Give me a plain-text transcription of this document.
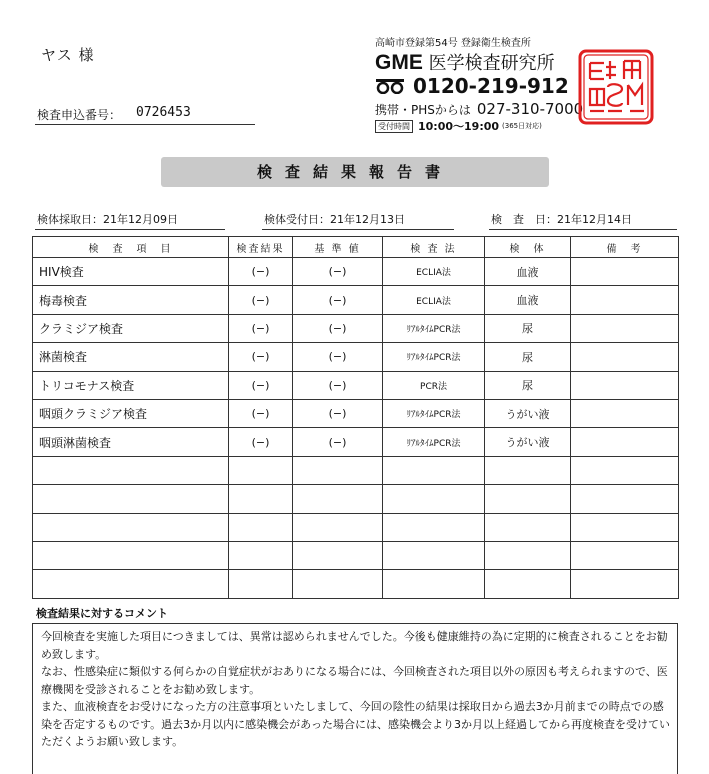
ヤス 様
検査申込番号： 0726453
高崎市登録第54号 登録衛生検査所
GME 医学検査研究所
0120-219-912
携帯・PHSからは 027-310-7000
受付時間 10:00〜19:00 (365日対応)
検査結果報告書
検体採取日：21年12月09日	検体受付日：21年12月13日	検　査　日：21年12月14日
検　査　項　目	検査結果	基 準 値	検 査 法	検　体	備　考
HIV検査	(−)	(−)	ECLIA法	血液	
梅毒検査	(−)	(−)	ECLIA法	血液	
クラミジア検査	(−)	(−)	ﾘｱﾙﾀｲﾑPCR法	尿	
淋菌検査	(−)	(−)	ﾘｱﾙﾀｲﾑPCR法	尿	
トリコモナス検査	(−)	(−)	PCR法	尿	
咽頭クラミジア検査	(−)	(−)	ﾘｱﾙﾀｲﾑPCR法	うがい液	
咽頭淋菌検査	(−)	(−)	ﾘｱﾙﾀｲﾑPCR法	うがい液	

検査結果に対するコメント

今回検査を実施した項目につきましては、異常は認められませんでした。今後も健康維持の為に定期的に検査されることをお勧め致します。

なお、性感染症に類似する何らかの自覚症状がおありになる場合には、今回検査された項目以外の原因も考えられますので、医療機関を受診されることをお勧め致します。

また、血液検査をお受けになった方の注意事項といたしまして、今回の陰性の結果は採取日から過去3か月前までの時点での感染を否定するものです。過去3か月以内に感染機会があった場合には、感染機会より3か月以上経過してから再度検査を受けていただくようお願い致します。
